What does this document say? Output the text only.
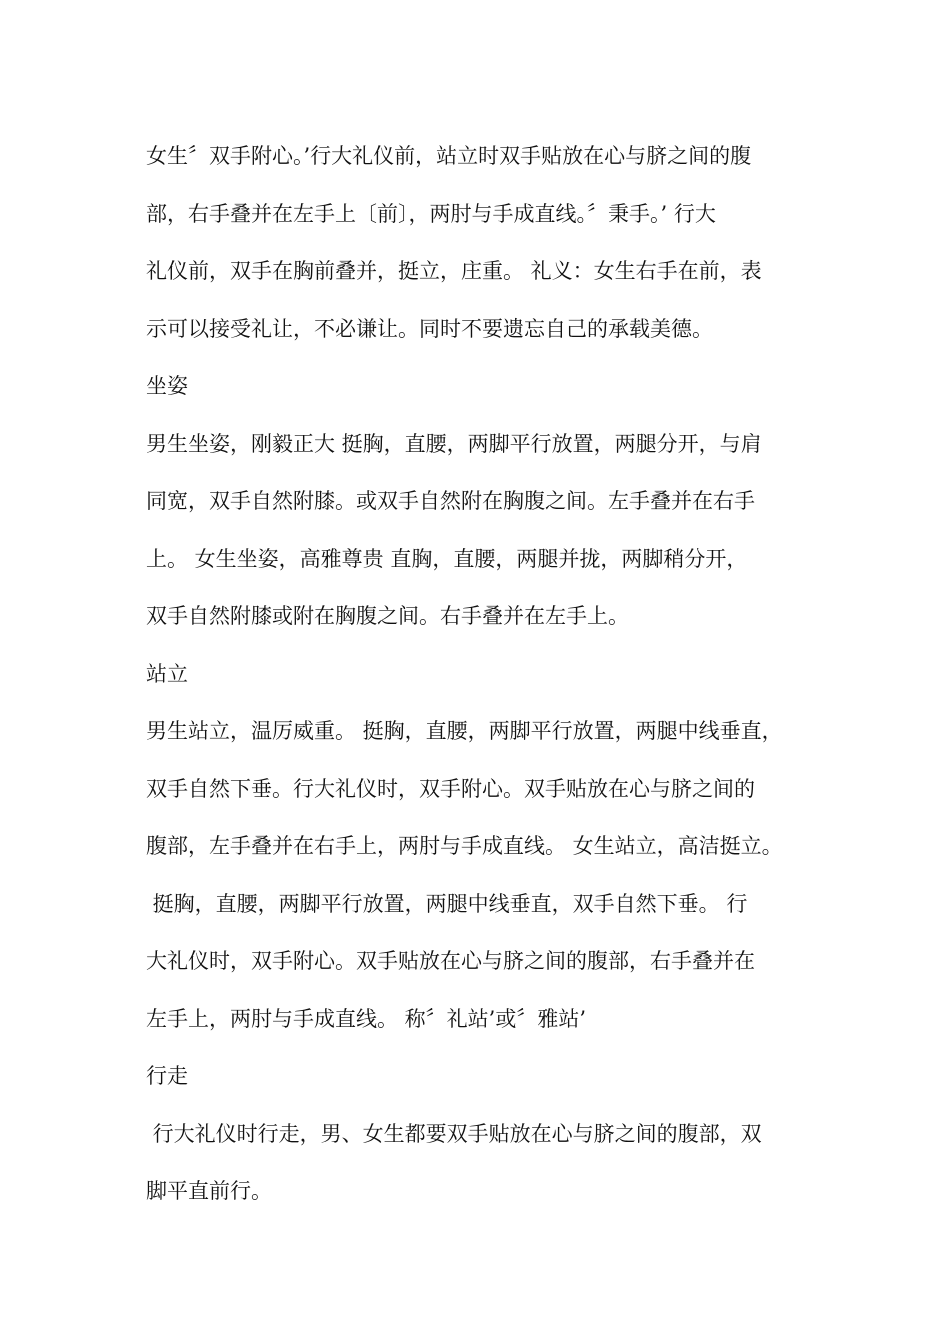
女生〞双手附心。’行大礼仪前，站立时双手贴放在心与脐之间的腹
部，右手叠并在左手上〔前〕，两肘与手成直线。〞秉手。’ 行大
礼仪前，双手在胸前叠并，挺立，庄重。 礼义：女生右手在前，表
示可以接受礼让，不必谦让。同时不要遗忘自己的承载美德。
坐姿
男生坐姿，刚毅正大 挺胸，直腰，两脚平行放置，两腿分开，与肩
同宽，双手自然附膝。或双手自然附在胸腹之间。左手叠并在右手
上。 女生坐姿，高雅尊贵 直胸，直腰，两腿并拢，两脚稍分开，
双手自然附膝或附在胸腹之间。右手叠并在左手上。
站立
男生站立，温厉威重。 挺胸，直腰，两脚平行放置，两腿中线垂直，
双手自然下垂。行大礼仪时，双手附心。双手贴放在心与脐之间的
腹部，左手叠并在右手上，两肘与手成直线。 女生站立，高洁挺立。
挺胸，直腰，两脚平行放置，两腿中线垂直，双手自然下垂。 行
大礼仪时，双手附心。双手贴放在心与脐之间的腹部，右手叠并在
左手上，两肘与手成直线。 称〞礼站’或〞雅站’
行走
行大礼仪时行走，男、女生都要双手贴放在心与脐之间的腹部，双
脚平直前行。
